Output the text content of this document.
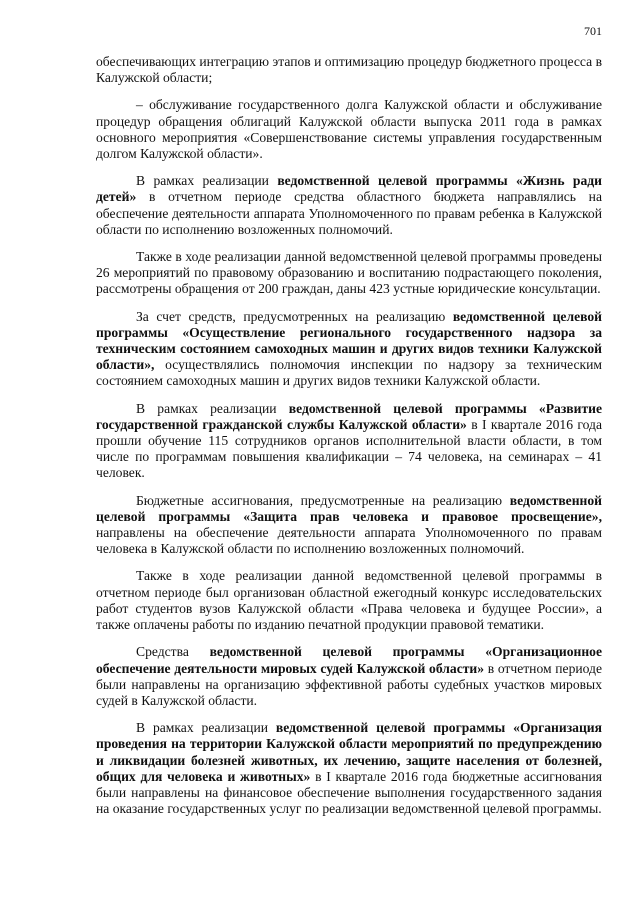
701

обеспечивающих интеграцию этапов и оптимизацию процедур бюджетного процесса в Калужской области;

– обслуживание государственного долга Калужской области и обслуживание процедур обращения облигаций Калужской области выпуска 2011 года в рамках основного мероприятия «Совершенствование системы управления государственным долгом Калужской области».

В рамках реализации ведомственной целевой программы «Жизнь ради детей» в отчетном периоде средства областного бюджета направлялись на обеспечение деятельности аппарата Уполномоченного по правам ребенка в Калужской области по исполнению возложенных полномочий.

Также в ходе реализации данной ведомственной целевой программы проведены 26 мероприятий по правовому образованию и воспитанию подрастающего поколения, рассмотрены обращения от 200 граждан, даны 423 устные юридические консультации.

За счет средств, предусмотренных на реализацию ведомственной целевой программы «Осуществление регионального государственного надзора за техническим состоянием самоходных машин и других видов техники Калужской области», осуществлялись полномочия инспекции по надзору за техническим состоянием самоходных машин и других видов техники Калужской области.

В рамках реализации ведомственной целевой программы «Развитие государственной гражданской службы Калужской области» в I квартале 2016 года прошли обучение 115 сотрудников органов исполнительной власти области, в том числе по программам повышения квалификации – 74 человека, на семинарах – 41 человек.

Бюджетные ассигнования, предусмотренные на реализацию ведомственной целевой программы «Защита прав человека и правовое просвещение», направлены на обеспечение деятельности аппарата Уполномоченного по правам человека в Калужской области по исполнению возложенных полномочий.

Также в ходе реализации данной ведомственной целевой программы в отчетном периоде был организован областной ежегодный конкурс исследовательских работ студентов вузов Калужской области «Права человека и будущее России», а также оплачены работы по изданию печатной продукции правовой тематики.

Средства ведомственной целевой программы «Организационное обеспечение деятельности мировых судей Калужской области» в отчетном периоде были направлены на организацию эффективной работы судебных участков мировых судей в Калужской области.

В рамках реализации ведомственной целевой программы «Организация проведения на территории Калужской области мероприятий по предупреждению и ликвидации болезней животных, их лечению, защите населения от болезней, общих для человека и животных» в I квартале 2016 года бюджетные ассигнования были направлены на финансовое обеспечение выполнения государственного задания на оказание государственных услуг по реализации ведомственной целевой программы.
